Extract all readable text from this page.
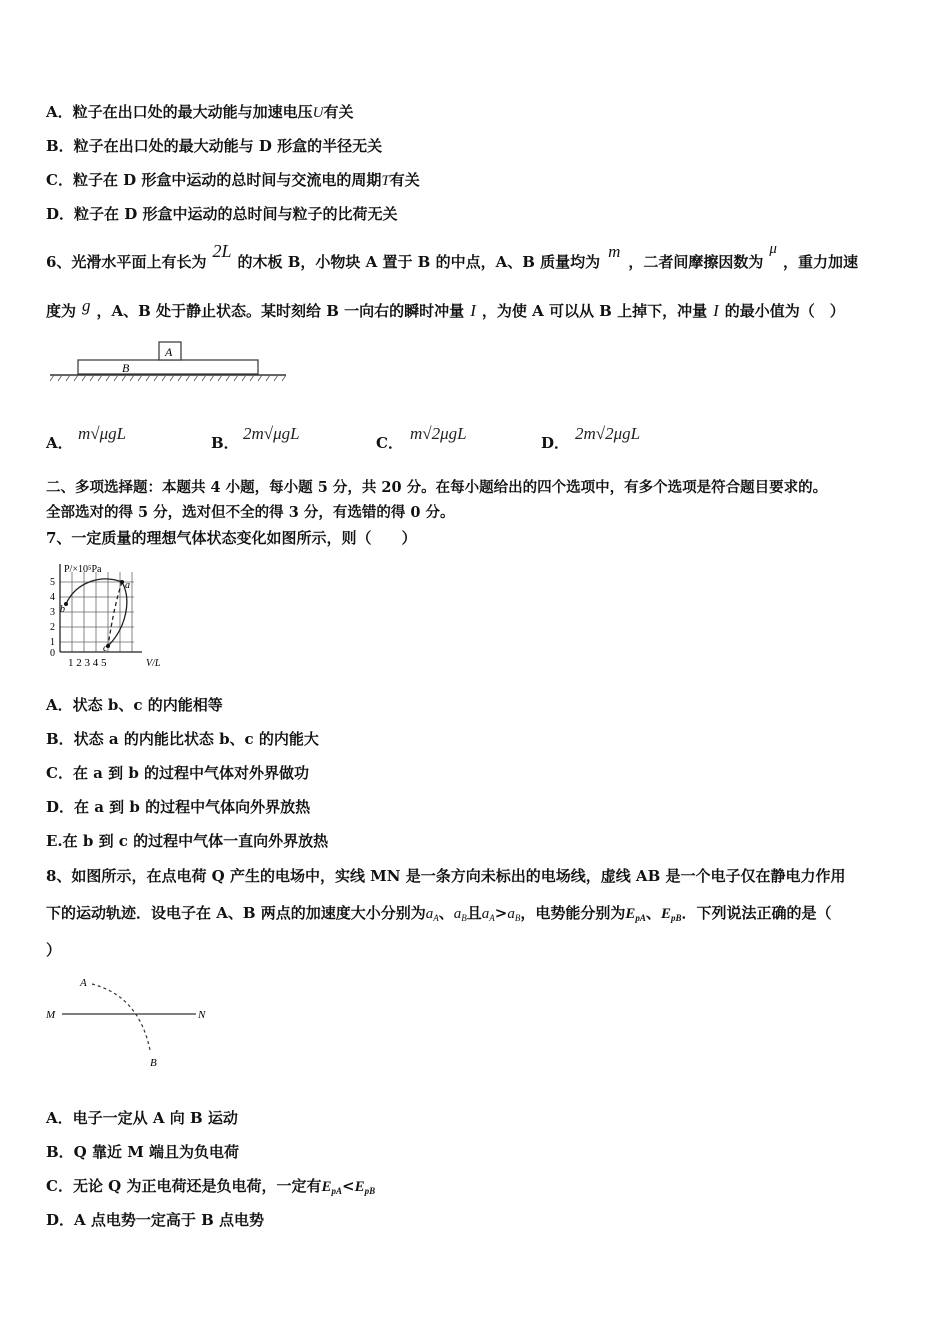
A．粒子在出口处的最大动能与加速电压U有关
B．粒子在出口处的最大动能与 D 形盒的半径无关
C．粒子在 D 形盒中运动的总时间与交流电的周期T有关
D．粒子在 D 形盒中运动的总时间与粒子的比荷无关
6、光滑水平面上有长为2L的木板 B，小物块 A 置于 B 的中点，A、B 质量均为m，二者间摩擦因数为μ，重力加速
度为 g ，A、B 处于静止状态。某时刻给 B 一向右的瞬时冲量 I ，为使 A 可以从 B 上掉下，冲量 I 的最小值为（　）
A
B
A． m√μgL	B． 2m√μgL	C． m√2μgL	D． 2m√2μgL
二、多项选择题：本题共 4 小题，每小题 5 分，共 20 分。在每小题给出的四个选项中，有多个选项是符合题目要求的。
全部选对的得 5 分，选对但不全的得 3 分，有选错的得 0 分。
7、一定质量的理想气体状态变化如图所示，则（　　）
P/×10⁵Pa
V/L
5
4
3
2
1
0
1 2 3 4 5
a
b
c
A．状态 b、c 的内能相等
B．状态 a 的内能比状态 b、c 的内能大
C．在 a 到 b 的过程中气体对外界做功
D．在 a 到 b 的过程中气体向外界放热
E.在 b 到 c 的过程中气体一直向外界放热
8、如图所示，在点电荷 Q 产生的电场中，实线 MN 是一条方向未标出的电场线，虚线 AB 是一个电子仅在静电力作用
下的运动轨迹．设电子在 A、B 两点的加速度大小分别为$a_A$、$a_B$且$a_A>a_B$，电势能分别为$E_{pA}$、$E_{pB}$．下列说法正确的是（
）
A
M	N
B
A．电子一定从 A 向 B 运动
B．Q 靠近 M 端且为负电荷
C．无论 Q 为正电荷还是负电荷，一定有$E_{pA}<E_{pB}$
D．A 点电势一定高于 B 点电势
